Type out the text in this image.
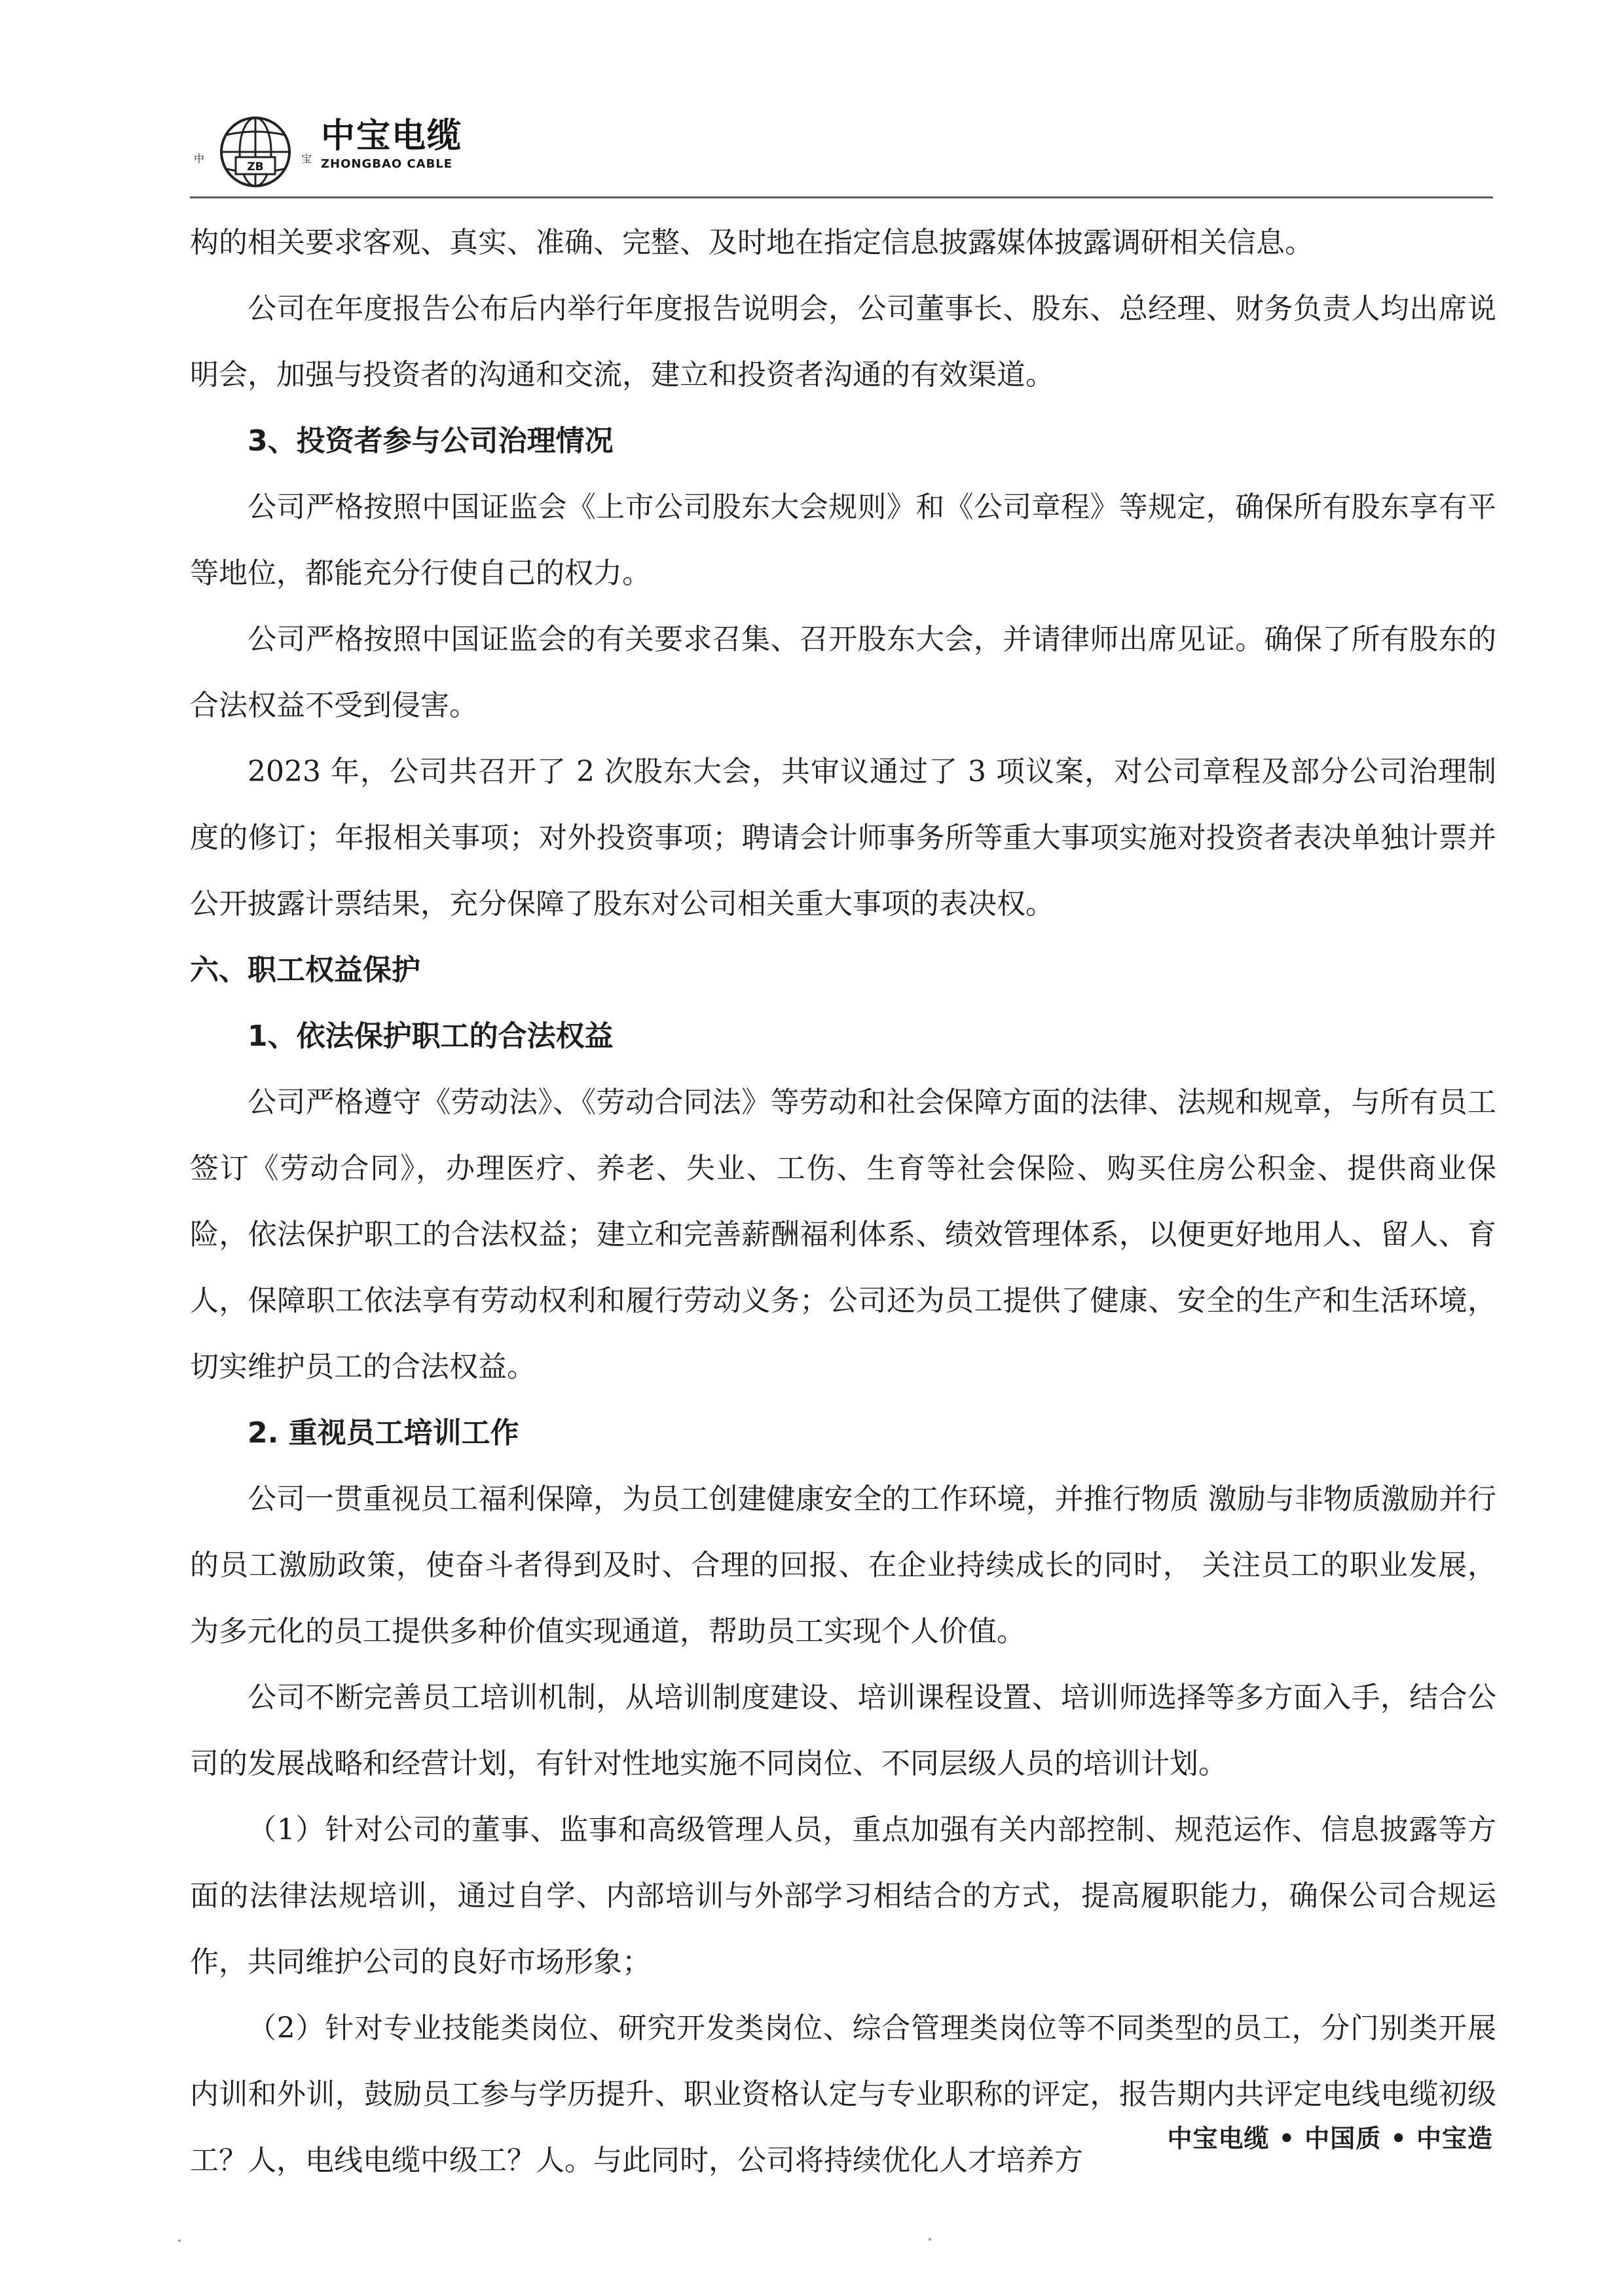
中
ZB
宝
中宝电缆
ZHONGBAO CABLE

构的相关要求客观、真实、准确、完整、及时地在指定信息披露媒体披露调研相关信息。

公司在年度报告公布后内举行年度报告说明会，公司董事长、股东、总经理、财务负责人均出席说明会，加强与投资者的沟通和交流，建立和投资者沟通的有效渠道。

3、投资者参与公司治理情况

公司严格按照中国证监会《上市公司股东大会规则》和《公司章程》等规定，确保所有股东享有平等地位，都能充分行使自己的权力。

公司严格按照中国证监会的有关要求召集、召开股东大会，并请律师出席见证。确保了所有股东的合法权益不受到侵害。

2023 年，公司共召开了 2 次股东大会，共审议通过了 3 项议案，对公司章程及部分公司治理制度的修订；年报相关事项；对外投资事项；聘请会计师事务所等重大事项实施对投资者表决单独计票并公开披露计票结果，充分保障了股东对公司相关重大事项的表决权。

六、职工权益保护

1、依法保护职工的合法权益

公司严格遵守《劳动法》、《劳动合同法》等劳动和社会保障方面的法律、法规和规章，与所有员工签订《劳动合同》，办理医疗、养老、失业、工伤、生育等社会保险、购买住房公积金、提供商业保险，依法保护职工的合法权益；建立和完善薪酬福利体系、绩效管理体系，以便更好地用人、留人、育人，保障职工依法享有劳动权利和履行劳动义务；公司还为员工提供了健康、安全的生产和生活环境，切实维护员工的合法权益。

2. 重视员工培训工作

公司一贯重视员工福利保障，为员工创建健康安全的工作环境，并推行物质 激励与非物质激励并行的员工激励政策，使奋斗者得到及时、合理的回报、在企业持续成长的同时， 关注员工的职业发展， 为多元化的员工提供多种价值实现通道，帮助员工实现个人价值。

公司不断完善员工培训机制，从培训制度建设、培训课程设置、培训师选择等多方面入手，结合公司的发展战略和经营计划，有针对性地实施不同岗位、不同层级人员的培训计划。

（1）针对公司的董事、监事和高级管理人员，重点加强有关内部控制、规范运作、信息披露等方面的法律法规培训，通过自学、内部培训与外部学习相结合的方式，提高履职能力，确保公司合规运作，共同维护公司的良好市场形象；

（2）针对专业技能类岗位、研究开发类岗位、综合管理类岗位等不同类型的员工，分门别类开展内训和外训，鼓励员工参与学历提升、职业资格认定与专业职称的评定，报告期内共评定电线电缆初级工？人，电线电缆中级工？人。与此同时，公司将持续优化人才培养方

中宝电缆 • 中国质 • 中宝造
